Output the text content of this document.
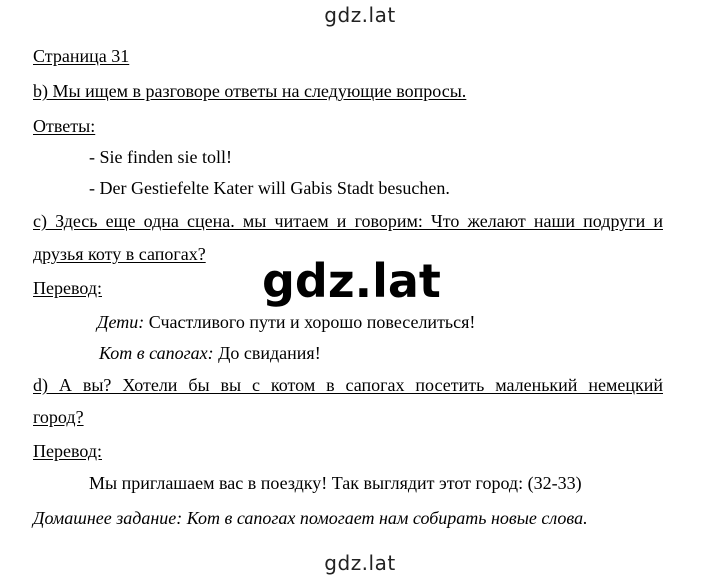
gdz.lat
Страница 31
b) Мы ищем в разговоре ответы на следующие вопросы.
Ответы:
- Sie finden sie toll!
- Der Gestiefelte Kater will Gabis Stadt besuchen.
c) Здесь еще одна сцена. мы читаем и говорим: Что желают наши подруги и
друзья коту в сапогах?
Перевод:
Дети: Счастливого пути и хорошо повеселиться!
Кот в сапогах: До свидания!
d) А вы? Хотели бы вы с котом в сапогах посетить маленький немецкий
город?
Перевод:
Мы приглашаем вас в поездку! Так выглядит этот город: (32-33)
Домашнее задание: Кот в сапогах помогает нам собирать новые слова.
gdz.lat
gdz.lat
